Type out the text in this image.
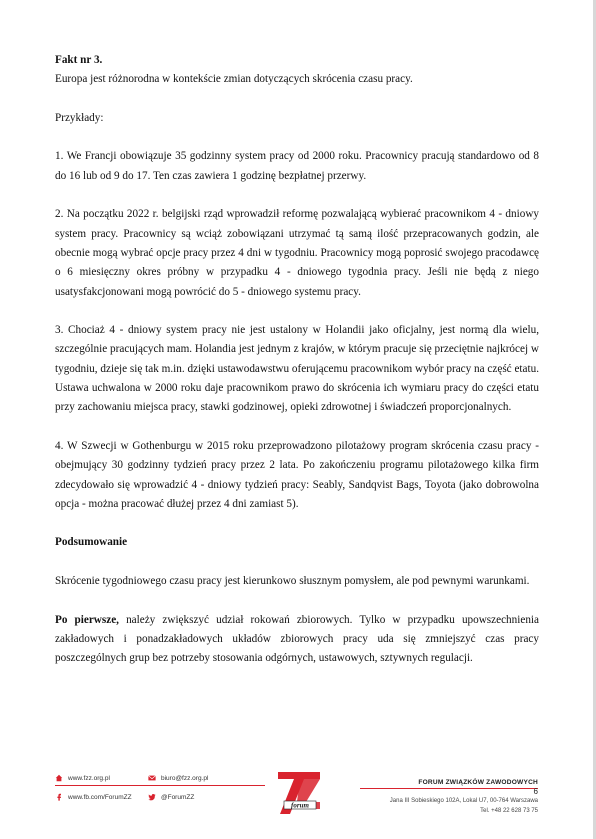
Fakt nr 3.

Europa jest różnorodna w kontekście zmian dotyczących skrócenia czasu pracy.

Przykłady:

1. We Francji obowiązuje 35 godzinny system pracy od 2000 roku. Pracownicy pracują standardowo od 8 do 16 lub od 9 do 17. Ten czas zawiera 1 godzinę bezpłatnej przerwy.

2. Na początku 2022 r. belgijski rząd wprowadził reformę pozwalającą wybierać pracownikom 4 - dniowy system pracy. Pracownicy są wciąż zobowiązani utrzymać tą samą ilość przepracowanych godzin, ale obecnie mogą wybrać opcje pracy przez 4 dni w tygodniu. Pracownicy mogą poprosić swojego pracodawcę o 6 miesięczny okres próbny w przypadku 4 - dniowego tygodnia pracy. Jeśli nie będą z niego usatysfakcjonowani mogą powrócić do 5 - dniowego systemu pracy.

3. Chociaż 4 - dniowy system pracy nie jest ustalony w Holandii jako oficjalny, jest normą dla wielu, szczególnie pracujących mam. Holandia jest jednym z krajów, w którym pracuje się przeciętnie najkrócej w tygodniu, dzieje się tak m.in. dzięki ustawodawstwu oferującemu pracownikom wybór pracy na część etatu. Ustawa uchwalona w 2000 roku daje pracownikom prawo do skrócenia ich wymiaru pracy do części etatu przy zachowaniu miejsca pracy, stawki godzinowej, opieki zdrowotnej i świadczeń proporcjonalnych.

4. W Szwecji w Gothenburgu w 2015 roku przeprowadzono pilotażowy program skrócenia czasu pracy - obejmujący 30 godzinny tydzień pracy przez 2 lata. Po zakończeniu programu pilotażowego kilka firm zdecydowało się wprowadzić 4 - dniowy tydzień pracy: Seably, Sandqvist Bags, Toyota (jako dobrowolna opcja - można pracować dłużej przez 4 dni zamiast 5).

Podsumowanie

Skrócenie tygodniowego czasu pracy jest kierunkowo słusznym pomysłem, ale pod pewnymi warunkami.

Po pierwsze, należy zwiększyć udział rokowań zbiorowych. Tylko w przypadku upowszechnienia zakładowych i ponadzakładowych układów zbiorowych pracy uda się zmniejszyć czas pracy poszczególnych grup bez potrzeby stosowania odgórnych, ustawowych, sztywnych regulacji.

www.fzz.org.pl	biuro@fzz.org.pl
www.fb.com/ForumZZ	@ForumZZ
forum
FORUM ZWIĄZKÓW ZAWODOWYCH
6
Jana III Sobieskiego 102A, Lokal U7, 00-764 Warszawa
Tel. +48 22 628 73 75
